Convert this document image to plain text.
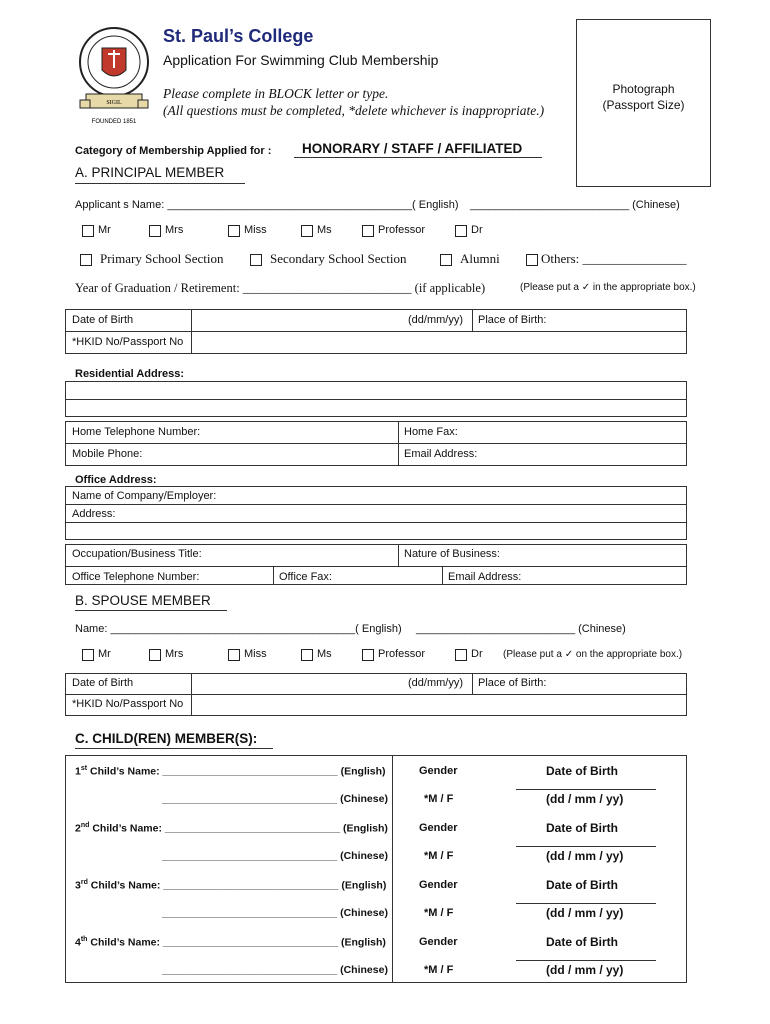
SIGIL
FOUNDED 1851
St. Paul’s College
Application For Swimming Club Membership
Please complete in BLOCK letter or type.
(All questions must be completed, *delete whichever is inappropriate.)
Photograph
(Passport Size)
Category of Membership Applied for : HONORARY / STAFF / AFFILIATED
A. PRINCIPAL MEMBER
Applicant s Name: ________________________________________( English) __________________________ (Chinese)
Mr	Mrs	Miss	Ms	Professor	Dr
Primary School Section	Secondary School Section	Alumni	Others: ________________
Year of Graduation / Retirement: ___________________________ (if applicable)	(Please put a ✓ in the appropriate box.)
Date of Birth	(dd/mm/yy) Place of Birth:
*HKID No/Passport No
Residential Address:
Home Telephone Number:	Home Fax:
Mobile Phone:	Email Address:
Office Address:
Name of Company/Employer:
Address:
Occupation/Business Title:	Nature of Business:
Office Telephone Number:	Office Fax:	Email Address:
B. SPOUSE MEMBER
Name: ________________________________________( English) __________________________ (Chinese)
Mr	Mrs	Miss	Ms	Professor	Dr (Please put a ✓ on the appropriate box.)
Date of Birth	(dd/mm/yy) Place of Birth:
*HKID No/Passport No
C. CHILD(REN) MEMBER(S):
1st Child’s Name: ______________________________ (English)
______________________________ (Chinese)
Gender
*M / F
Date of Birth
(dd / mm / yy)
2nd Child’s Name: ______________________________ (English)
______________________________ (Chinese)
Gender
*M / F
Date of Birth
(dd / mm / yy)
3rd Child’s Name: ______________________________ (English)
______________________________ (Chinese)
Gender
*M / F
Date of Birth
(dd / mm / yy)
4th Child’s Name: ______________________________ (English)
______________________________ (Chinese)
Gender
*M / F
Date of Birth
(dd / mm / yy)
